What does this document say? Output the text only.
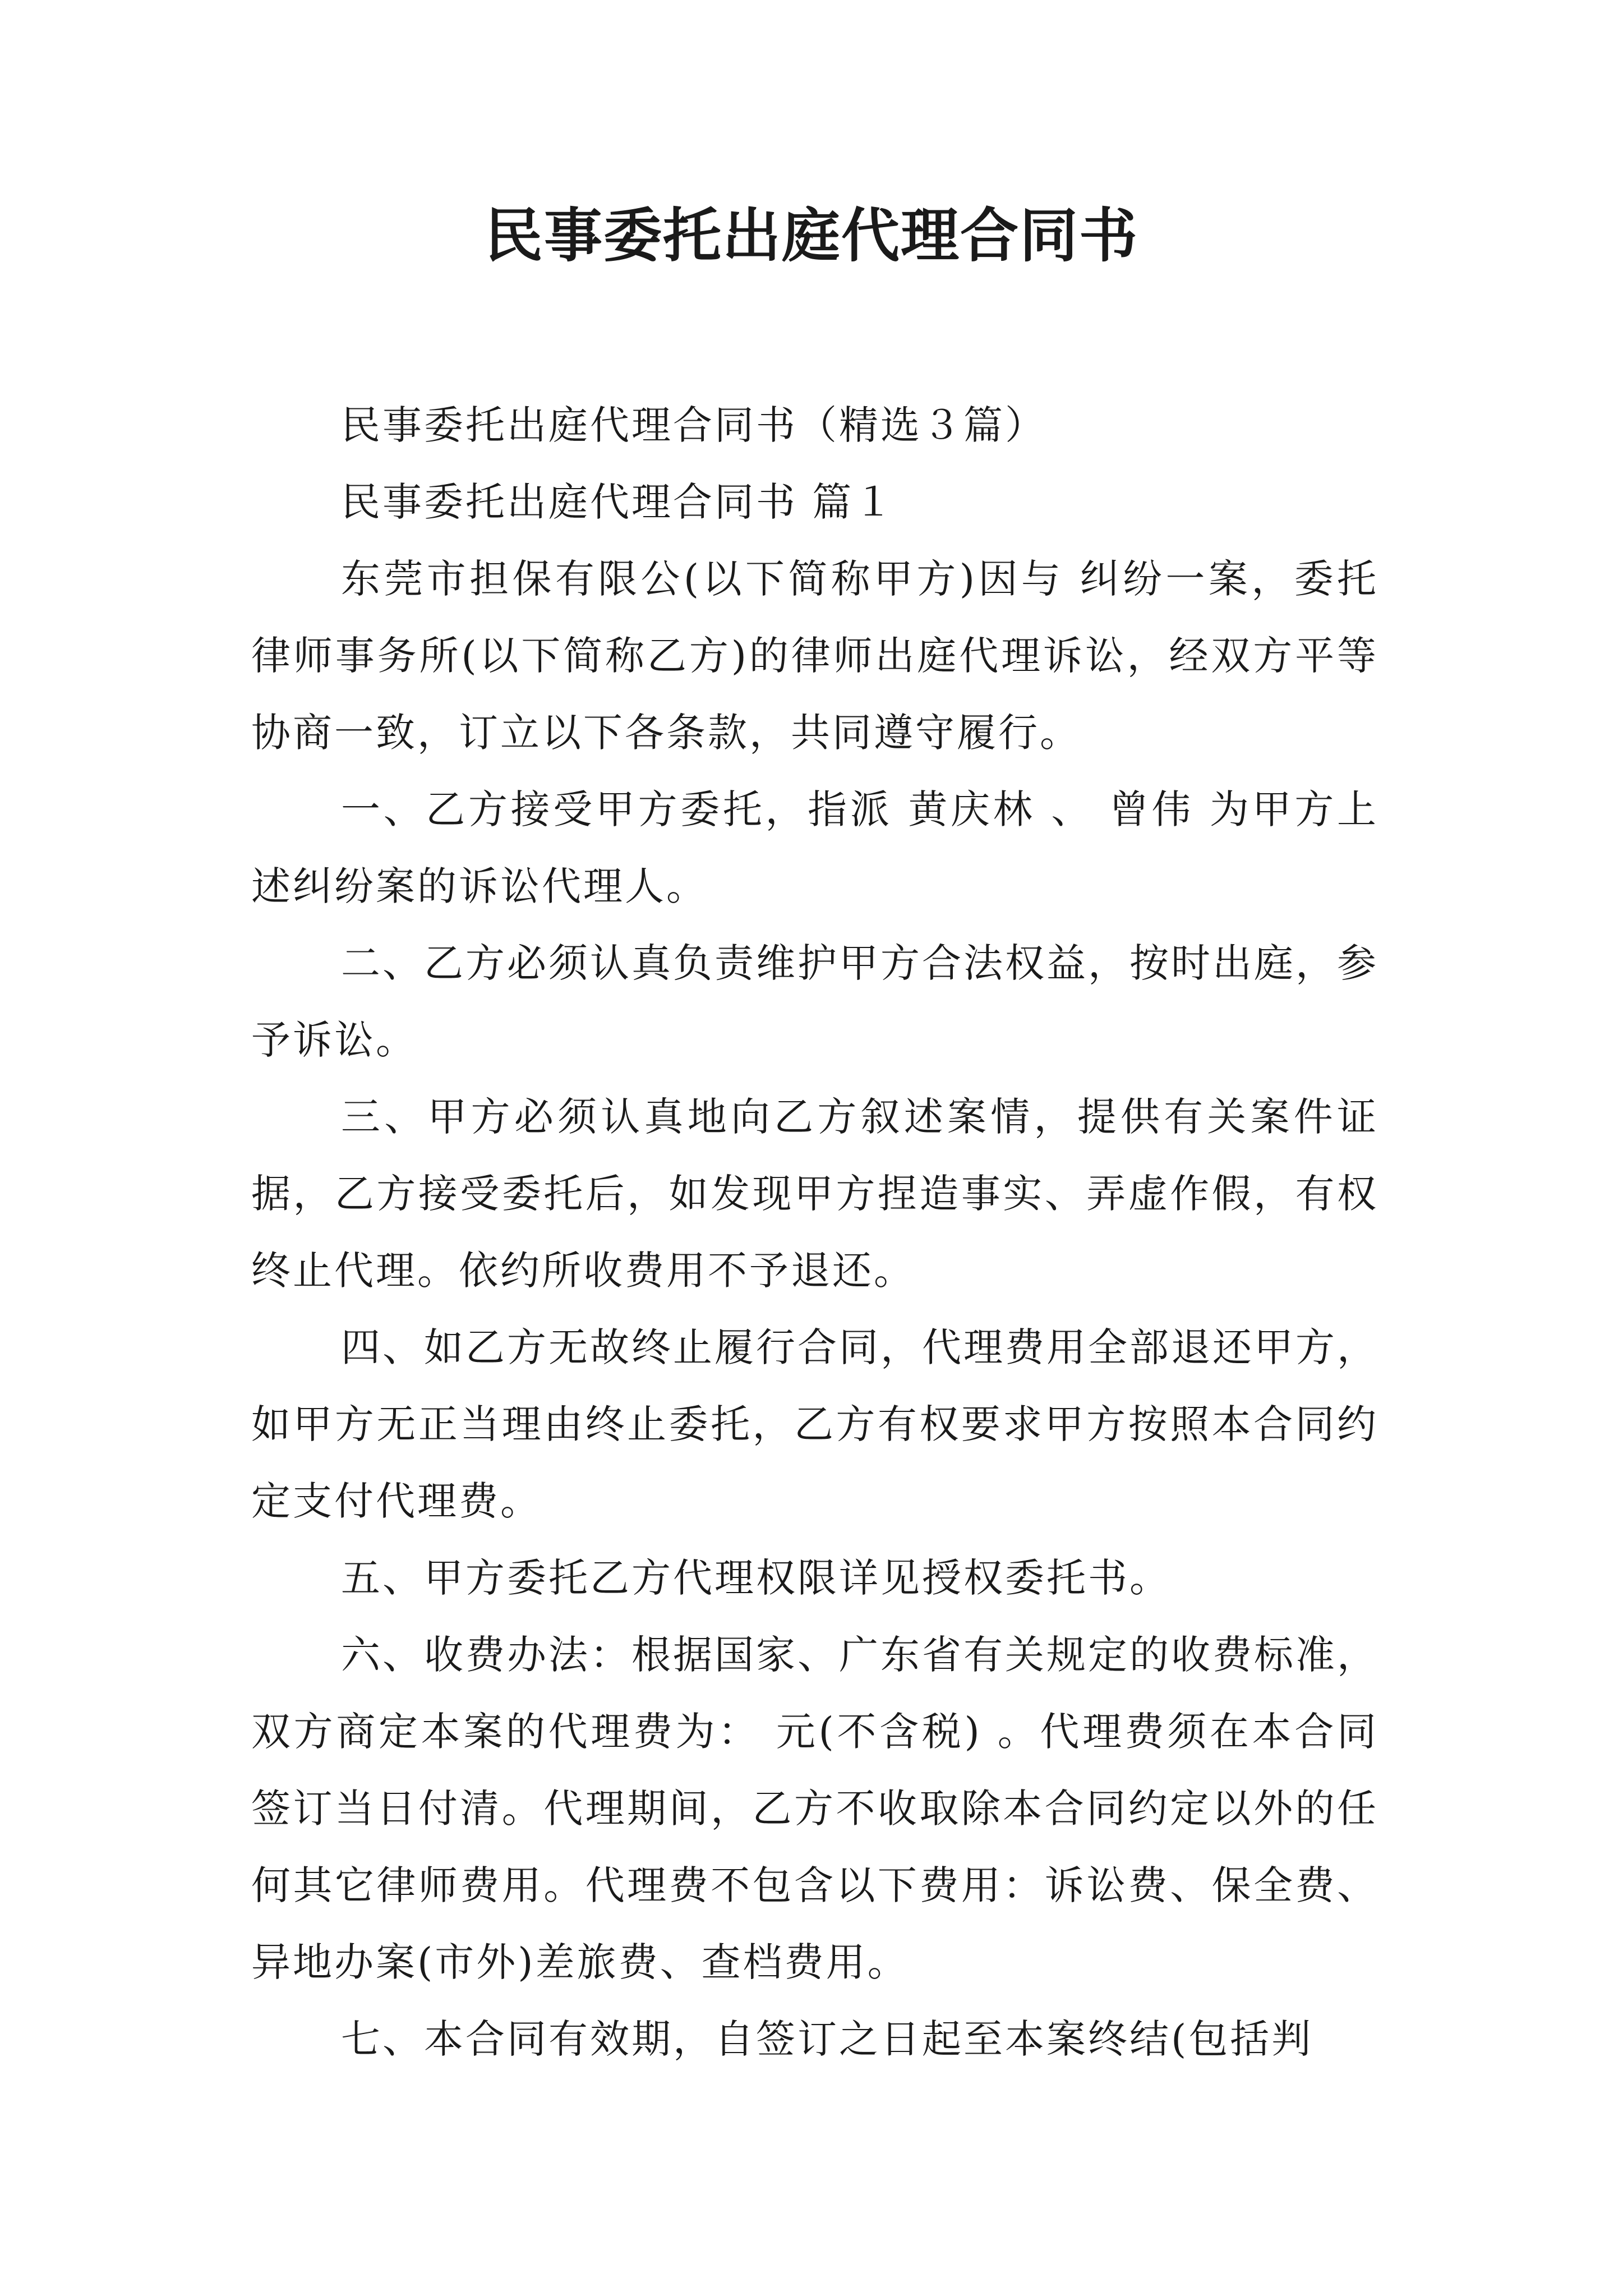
民事委托出庭代理合同书

民事委托出庭代理合同书（精选３篇）

民事委托出庭代理合同书 篇１

东莞市担保有限公(以下简称甲方)因与 纠纷一案，委托律师事务所(以下简称乙方)的律师出庭代理诉讼，经双方平等协商一致，订立以下各条款，共同遵守履行。

一、乙方接受甲方委托，指派 黄庆林 、 曾伟 为甲方上述纠纷案的诉讼代理人。

二、乙方必须认真负责维护甲方合法权益，按时出庭，参予诉讼。

三、甲方必须认真地向乙方叙述案情，提供有关案件证据，乙方接受委托后，如发现甲方捏造事实、弄虚作假，有权终止代理。依约所收费用不予退还。

四、如乙方无故终止履行合同，代理费用全部退还甲方，如甲方无正当理由终止委托，乙方有权要求甲方按照本合同约定支付代理费。

五、甲方委托乙方代理权限详见授权委托书。

六、收费办法：根据国家、广东省有关规定的收费标准，双方商定本案的代理费为： 元(不含税) 。代理费须在本合同签订当日付清。代理期间，乙方不收取除本合同约定以外的任何其它律师费用。代理费不包含以下费用：诉讼费、保全费、异地办案(市外)差旅费、查档费用。

七、本合同有效期，自签订之日起至本案终结(包括判
